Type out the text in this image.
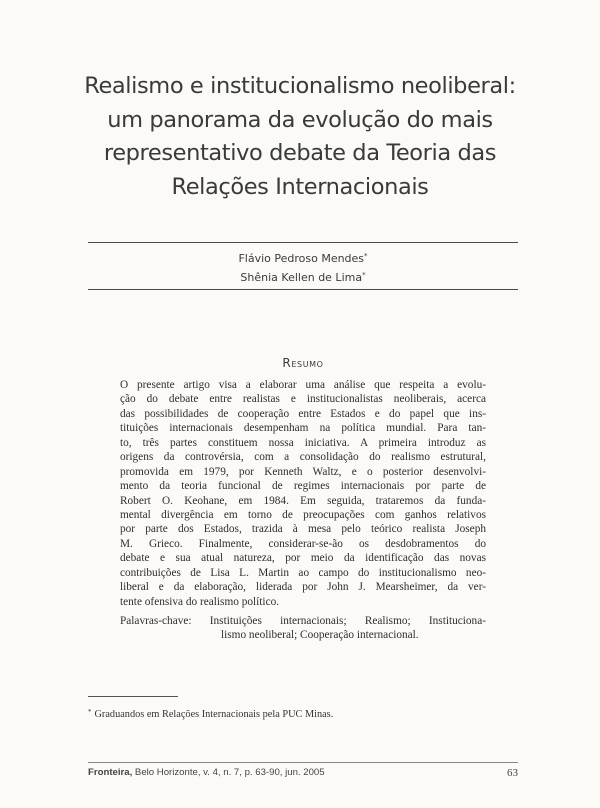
Realismo e institucionalismo neoliberal:
um panorama da evolução do mais
representativo debate da Teoria das
Relações Internacionais
Flávio Pedroso Mendes*
Shênia Kellen de Lima*
Resumo
O presente artigo visa a elaborar uma análise que respeita a evolu-
ção do debate entre realistas e institucionalistas neoliberais, acerca
das possibilidades de cooperação entre Estados e do papel que ins-
tituições internacionais desempenham na política mundial. Para tan-
to, três partes constituem nossa iniciativa. A primeira introduz as
origens da controvérsia, com a consolidação do realismo estrutural,
promovida em 1979, por Kenneth Waltz, e o posterior desenvolvi-
mento da teoria funcional de regimes internacionais por parte de
Robert O. Keohane, em 1984. Em seguida, trataremos da funda-
mental divergência em torno de preocupações com ganhos relativos
por parte dos Estados, trazida à mesa pelo teórico realista Joseph
M. Grieco. Finalmente, considerar-se-ão os desdobramentos do
debate e sua atual natureza, por meio da identificação das novas
contribuições de Lisa L. Martin ao campo do institucionalismo neo-
liberal e da elaboração, liderada por John J. Mearsheimer, da ver-
tente ofensiva do realismo político.
Palavras-chave: Instituições internacionais; Realismo; Instituciona-
lismo neoliberal; Cooperação internacional.
* Graduandos em Relações Internacionais pela PUC Minas.
Fronteira, Belo Horizonte, v. 4, n. 7, p. 63-90, jun. 2005	63
